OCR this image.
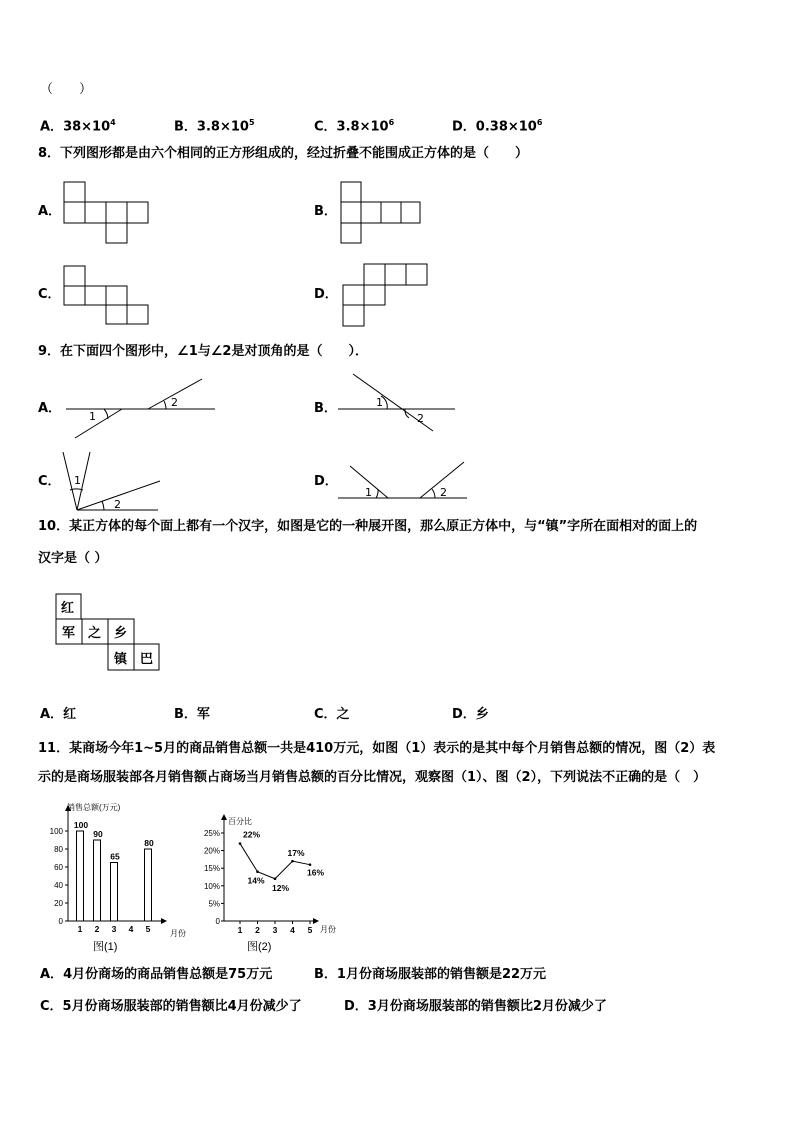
（　　）
A．$38\times 10^4$	B．$3.8\times 10^5$	C．$3.8\times 10^6$	D．$0.38\times 10^6$
8．下列图形都是由六个相同的正方形组成的，经过折叠不能围成正方体的是（　　）
A．	B．
C．	D．
9．在下面四个图形中，∠1与∠2是对顶角的是（　　）．
A．
1
2	B．	1
2
C． 1
2
D．
1	2
10．某正方体的每个面上都有一个汉字，如图是它的一种展开图，那么原正方体中，与“镇”字所在面相对的面上的
汉字是（ ）
红
军 之 乡
镇 巴
A．红	B．军	C．之	D．乡
11．某商场今年1~5月的商品销售总额一共是410万元，如图（1）表示的是其中每个月销售总额的情况，图（2）表
示的是商场服装部各月销售额占商场当月销售总额的百分比情况，观察图（1）、图（2），下列说法不正确的是（　）
销售总额(万元)
月份
0
20
40
60
80
100
1
100
2
90
3
65
4 5
80
图(1)
百分比
月份
0
5%
10%
15%
20%
25%
1 2 3 4 5
22%
14%
12%
17%
16%
图(2)
A．4月份商场的商品销售总额是75万元	B．1月份商场服装部的销售额是22万元
C．5月份商场服装部的销售额比4月份减少了	D．3月份商场服装部的销售额比2月份减少了
